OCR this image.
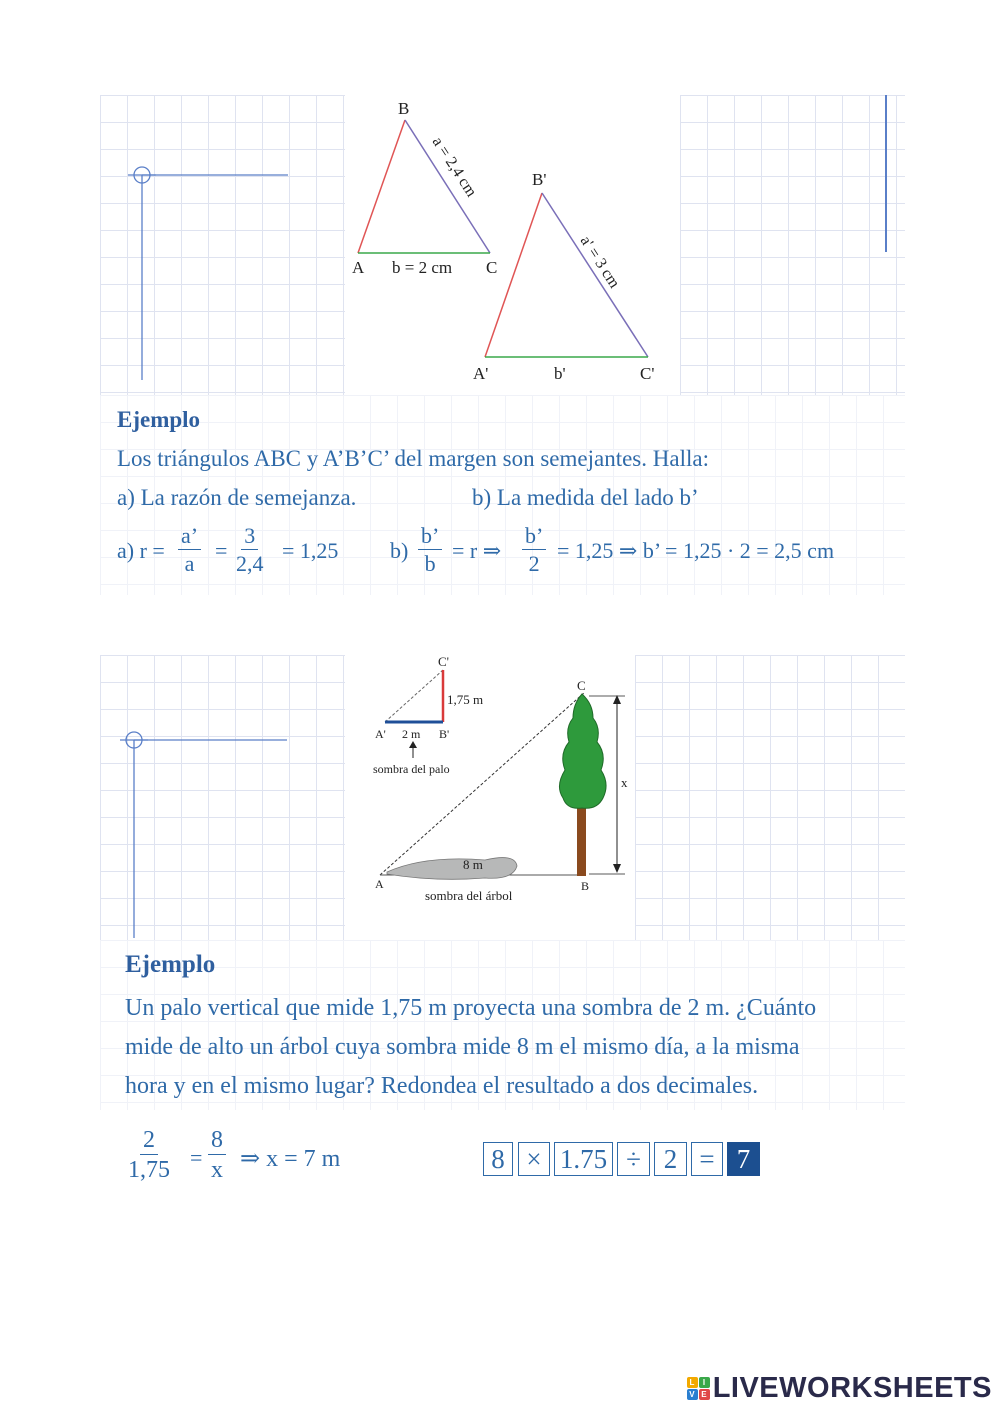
B
A	C
b = 2 cm
a = 2,4 cm	B'
A'	C'
b'
a' = 3 cm
Ejemplo
Los triángulos ABC y A’B’C’ del margen son semejantes. Halla:
a) La razón de semejanza.	b) La medida del lado b’
a) $r = \frac{a’}{a} = \frac{3}{2,4} = 1,25$ $b) \frac{b’}{b} = r$ ⇒ $\frac{b’}{2} = 1,25$ ⇒ b’ = 1,25 · 2 = 2,5 cm
C'
1,75 m
A' 2 m B'
sombra del palo
C
x
8 m
A	B
sombra del árbol
Ejemplo
Un palo vertical que mide 1,75 m proyecta una sombra de 2 m. ¿Cuánto
mide de alto un árbol cuya sombra mide 8 m el mismo día, a la misma
hora y en el mismo lugar? Redondea el resultado a dos decimales.
$\frac{2}{1,75} = \frac{8}{x}$ ⇒ x = 7 m	8 × 1.75 ÷ 2 = 7
L I
V E LIVEWORKSHEETS
